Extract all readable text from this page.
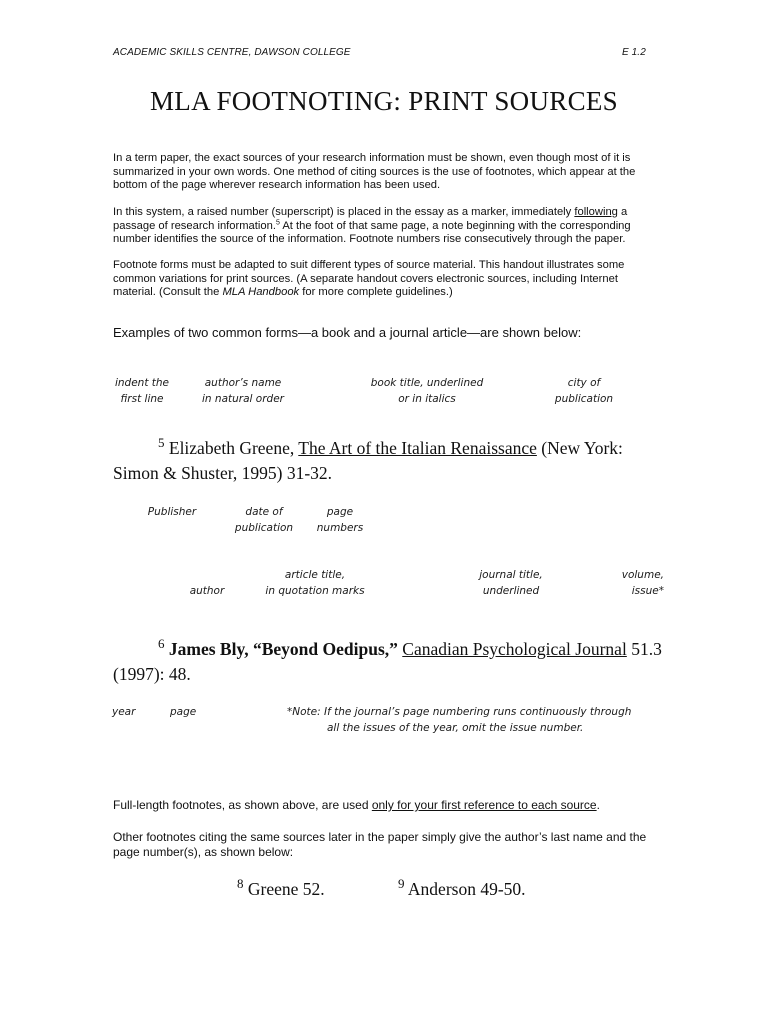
ACADEMIC SKILLS CENTRE, DAWSON COLLEGE	E 1.2
MLA FOOTNOTING: PRINT SOURCES
In a term paper, the exact sources of your research information must be shown, even though most of it is summarized in your own words. One method of citing sources is the use of footnotes, which appear at the bottom of the page wherever research information has been used.
In this system, a raised number (superscript) is placed in the essay as a marker, immediately following a passage of research information.$^5$ At the foot of that same page, a note beginning with the corresponding number identifies the source of the information. Footnote numbers rise consecutively through the paper.
Footnote forms must be adapted to suit different types of source material. This handout illustrates some common variations for print sources. (A separate handout covers electronic sources, including Internet material. (Consult the MLA Handbook for more complete guidelines.)
Examples of two common forms—a book and a journal article—are shown below:
indent the
first line
author’s name
in natural order
book title, underlined
or in italics
city of
publication
$^5$ Elizabeth Greene, The Art of the Italian Renaissance (New York:
Simon & Shuster, 1995) 31-32.
Publisher	date of
publication
page
numbers

author
article title,
in quotation marks
journal title,
underlined
volume,
issue*
$^6$ James Bly, “Beyond Oedipus,” Canadian Psychological Journal 51.3
(1997): 48.
year	page	*Note: If the journal’s page numbering runs continuously through
all the issues of the year, omit the issue number.
Full-length footnotes, as shown above, are used only for your first reference to each source.
Other footnotes citing the same sources later in the paper simply give the author’s last name and the page number(s), as shown below:
$^8$ Greene 52.	$^9$ Anderson 49-50.
